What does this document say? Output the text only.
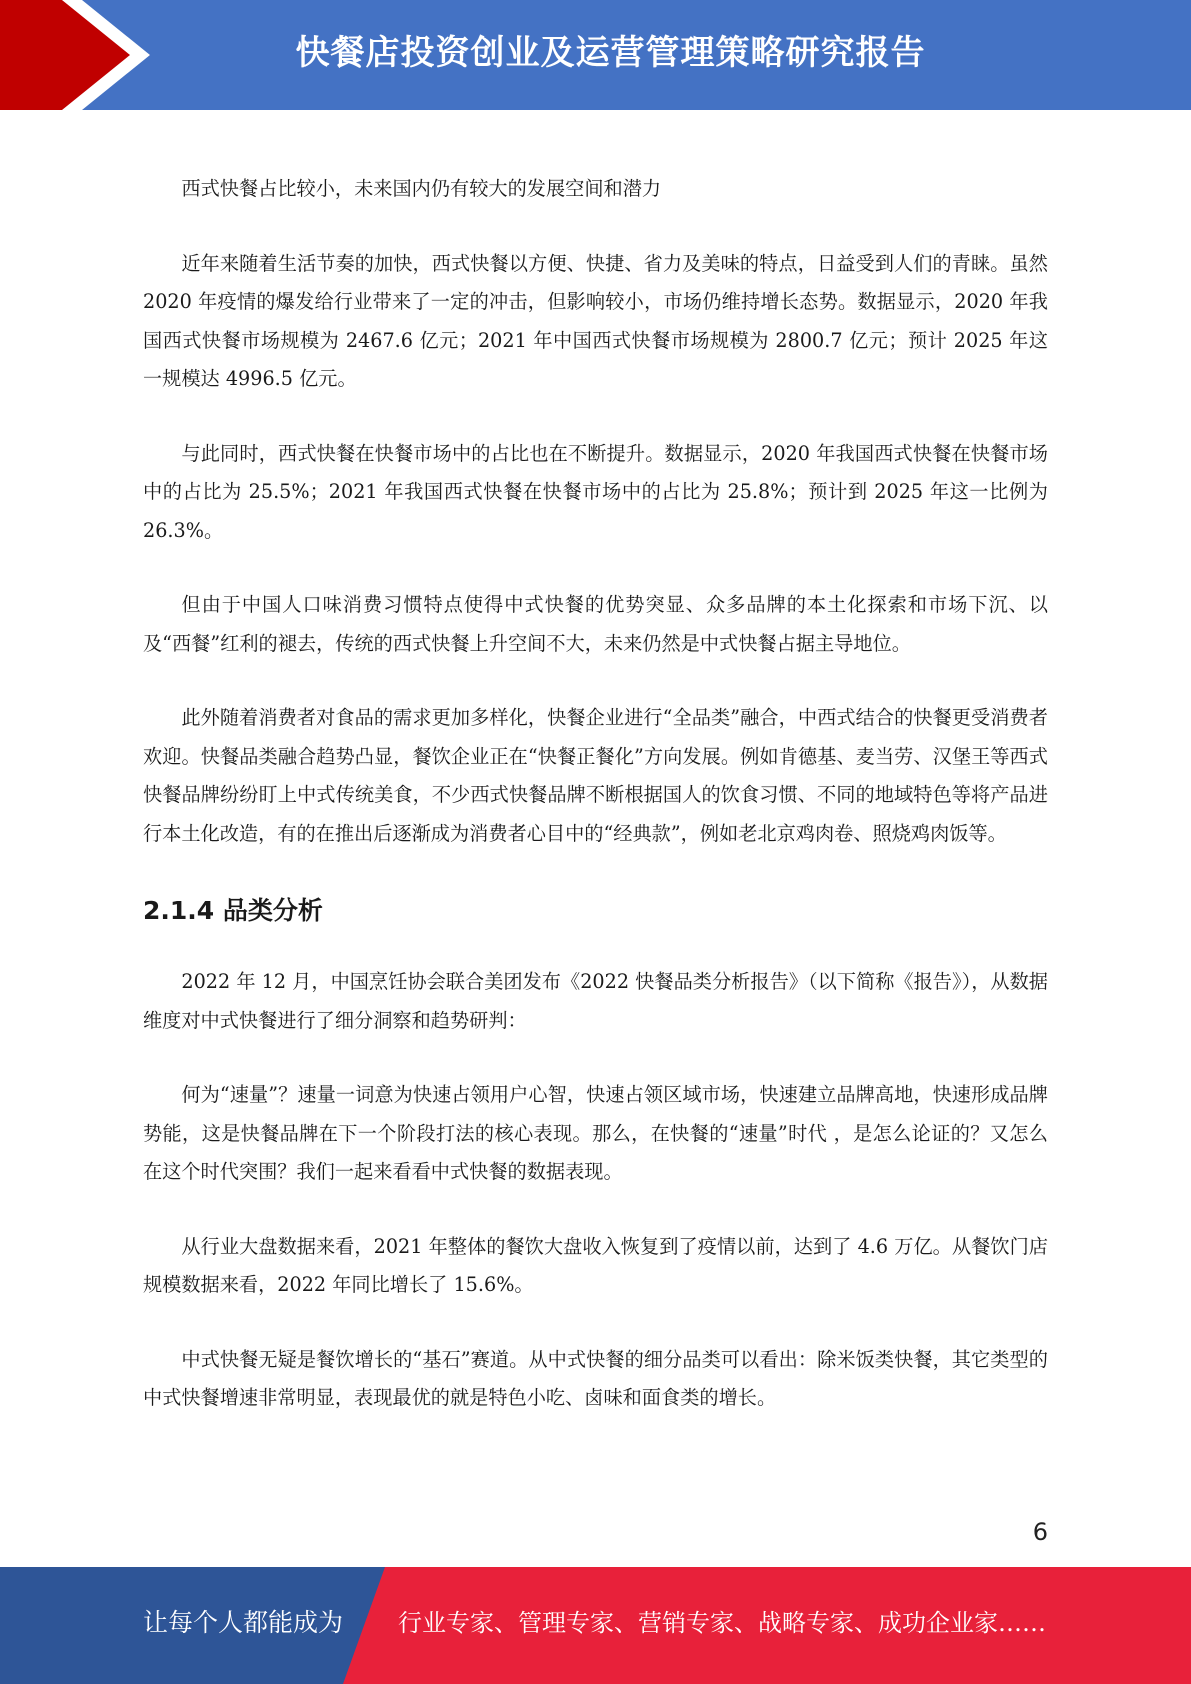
快餐店投资创业及运营管理策略研究报告

西式快餐占比较小，未来国内仍有较大的发展空间和潜力

近年来随着生活节奏的加快，西式快餐以方便、快捷、省力及美味的特点，日益受到人们的青睐。虽然 2020 年疫情的爆发给行业带来了一定的冲击，但影响较小，市场仍维持增长态势。数据显示，2020 年我国西式快餐市场规模为 2467.6 亿元；2021 年中国西式快餐市场规模为 2800.7 亿元；预计 2025 年这一规模达 4996.5 亿元。

与此同时，西式快餐在快餐市场中的占比也在不断提升。数据显示，2020 年我国西式快餐在快餐市场中的占比为 25.5%；2021 年我国西式快餐在快餐市场中的占比为 25.8%；预计到 2025 年这一比例为 26.3%。

但由于中国人口味消费习惯特点使得中式快餐的优势突显、众多品牌的本土化探索和市场下沉、以及“西餐”红利的褪去，传统的西式快餐上升空间不大，未来仍然是中式快餐占据主导地位。

此外随着消费者对食品的需求更加多样化，快餐企业进行“全品类”融合，中西式结合的快餐更受消费者欢迎。快餐品类融合趋势凸显，餐饮企业正在“快餐正餐化”方向发展。例如肯德基、麦当劳、汉堡王等西式快餐品牌纷纷盯上中式传统美食，不少西式快餐品牌不断根据国人的饮食习惯、不同的地域特色等将产品进行本土化改造，有的在推出后逐渐成为消费者心目中的“经典款”，例如老北京鸡肉卷、照烧鸡肉饭等。

2.1.4 品类分析

2022 年 12 月，中国烹饪协会联合美团发布《2022 快餐品类分析报告》（以下简称《报告》），从数据维度对中式快餐进行了细分洞察和趋势研判：

何为“速量”？速量一词意为快速占领用户心智，快速占领区域市场，快速建立品牌高地，快速形成品牌势能，这是快餐品牌在下一个阶段打法的核心表现。那么，在快餐的“速量”时代 ，是怎么论证的？又怎么在这个时代突围？我们一起来看看中式快餐的数据表现。

从行业大盘数据来看，2021 年整体的餐饮大盘收入恢复到了疫情以前，达到了 4.6 万亿。从餐饮门店规模数据来看，2022 年同比增长了 15.6%。

中式快餐无疑是餐饮增长的“基石”赛道。从中式快餐的细分品类可以看出：除米饭类快餐，其它类型的中式快餐增速非常明显，表现最优的就是特色小吃、卤味和面食类的增长。

6
让每个人都能成为 行业专家、管理专家、营销专家、战略专家、成功企业家……
